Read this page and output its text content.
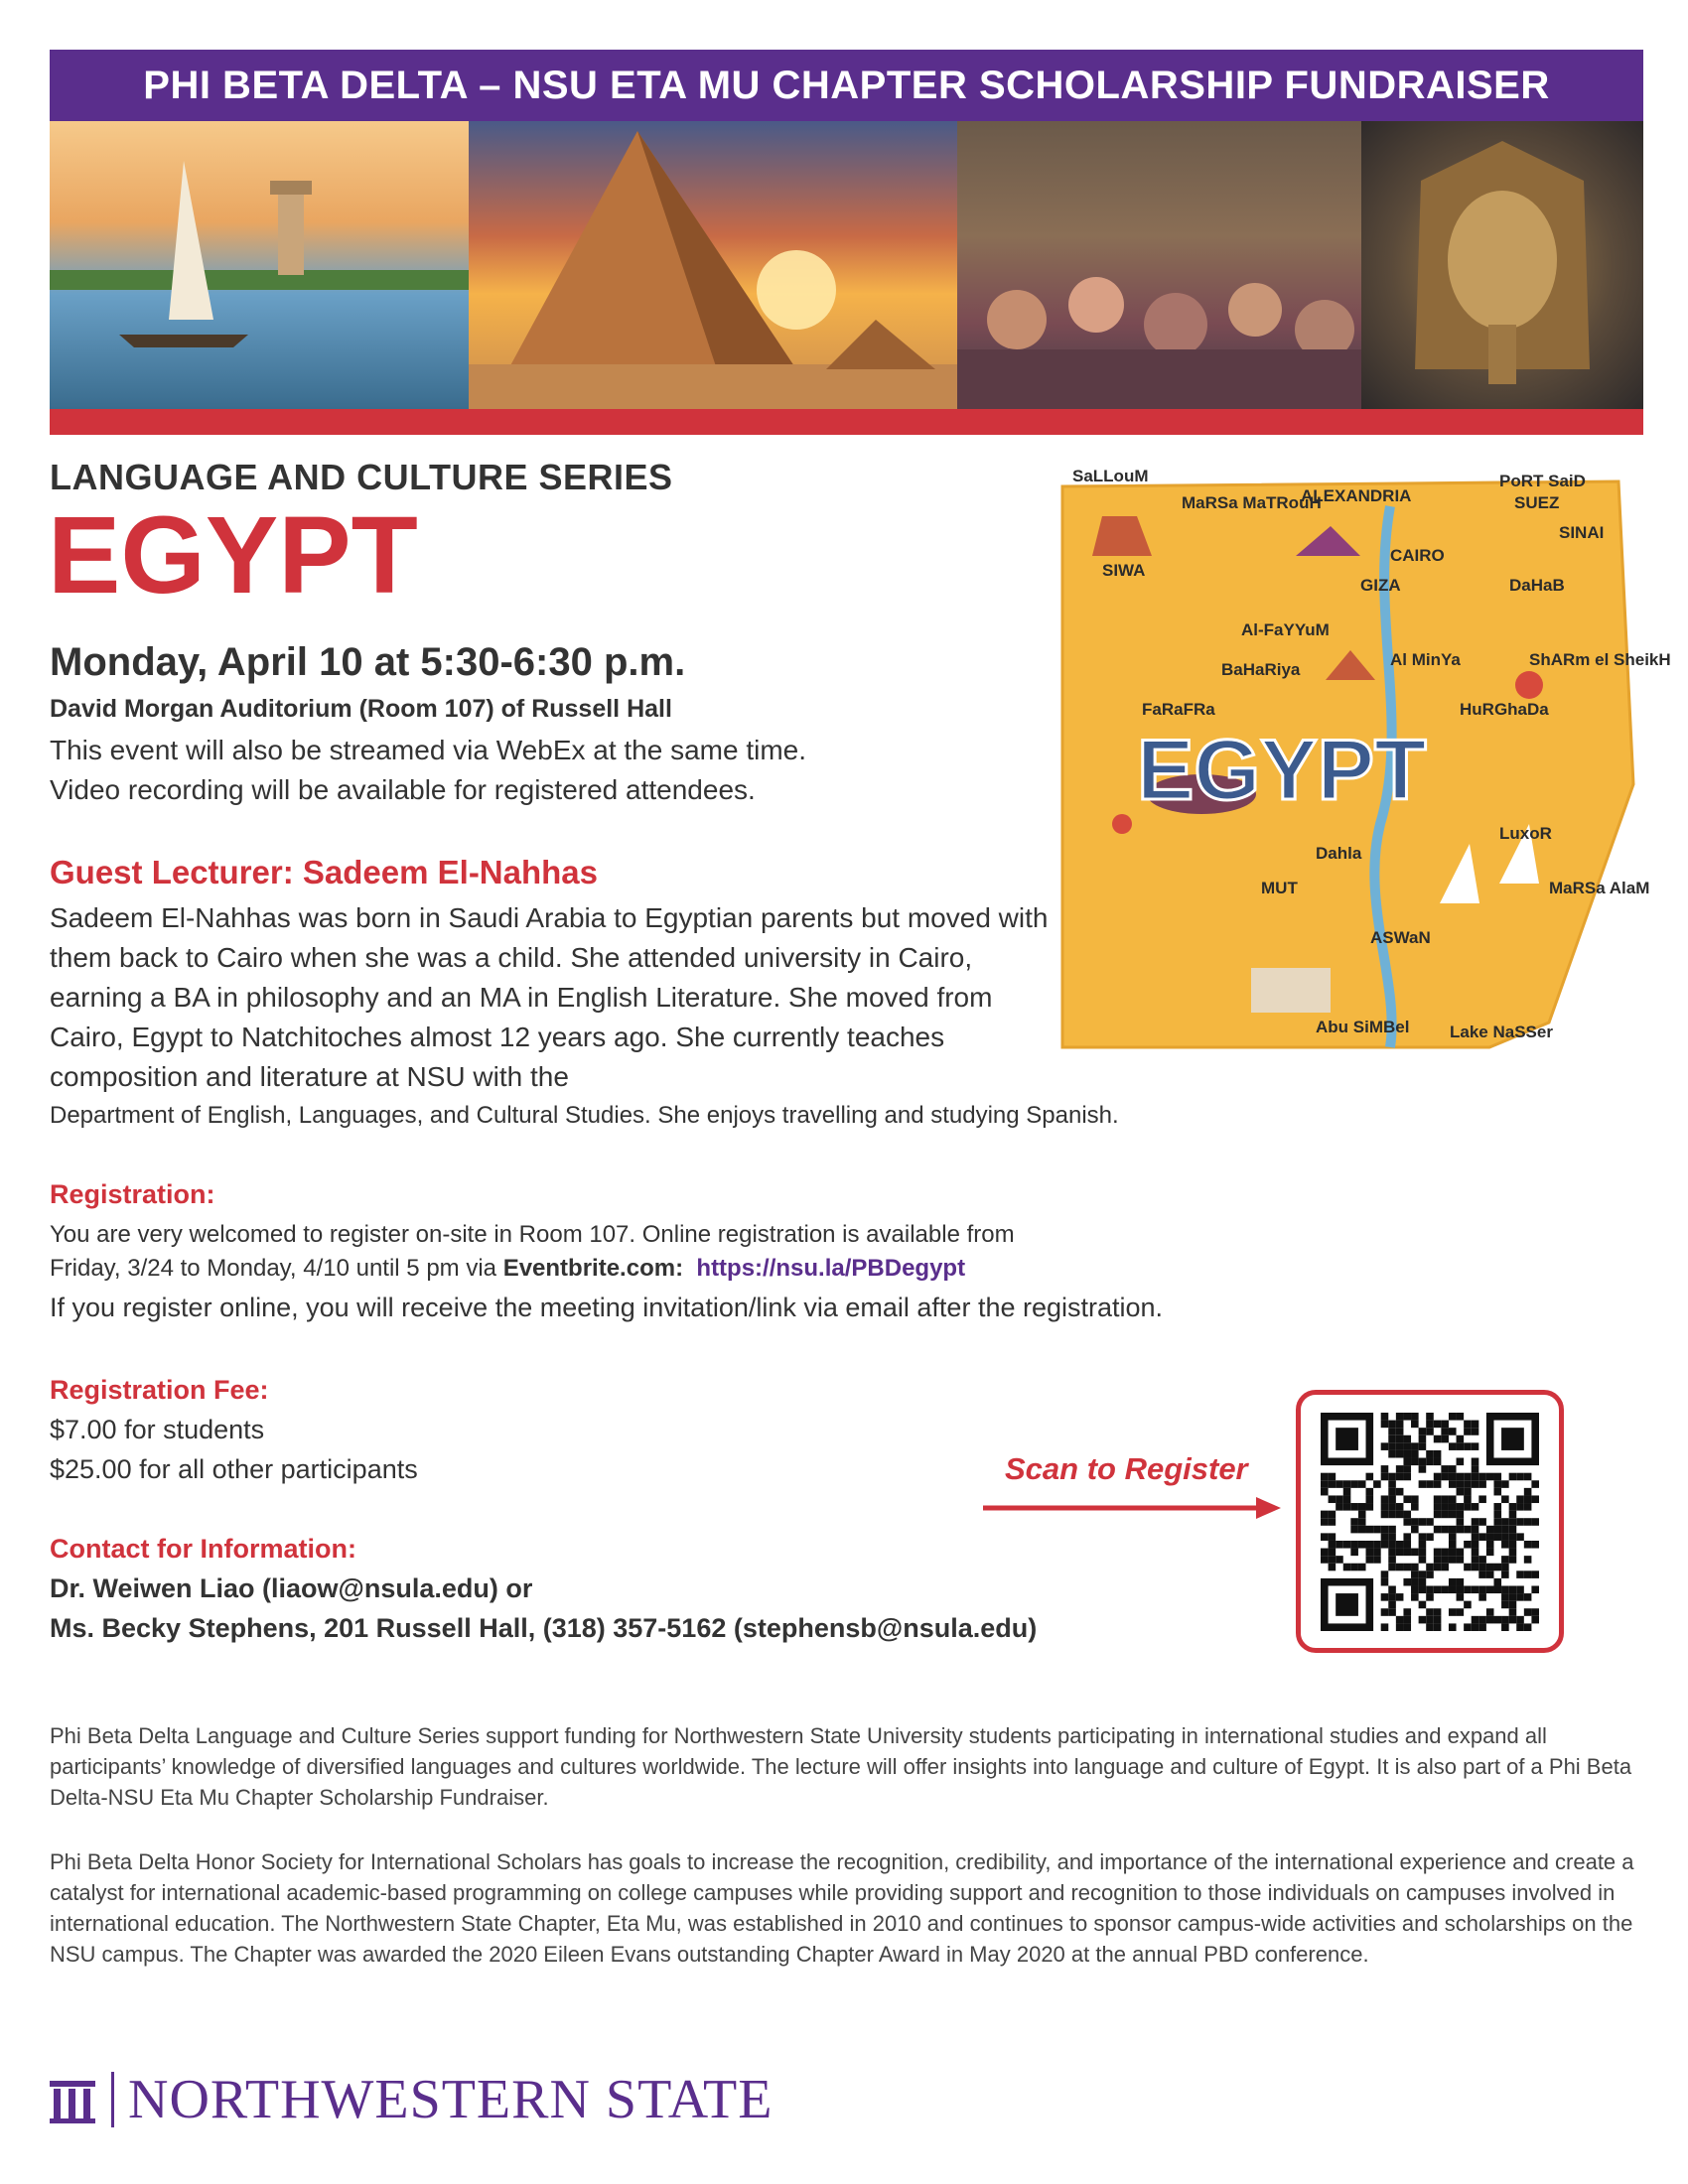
PHI BETA DELTA – NSU ETA MU CHAPTER SCHOLARSHIP FUNDRAISER
LANGUAGE AND CULTURE SERIES
EGYPT
Monday, April 10 at 5:30-6:30 p.m.
David Morgan Auditorium (Room 107) of Russell Hall
This event will also be streamed via WebEx at the same time.
Video recording will be available for registered attendees.
Guest Lecturer: Sadeem El-Nahhas
Sadeem El-Nahhas was born in Saudi Arabia to Egyptian parents but moved with them back to Cairo when she was a child. She attended university in Cairo, earning a BA in philosophy and an MA in English Literature. She moved from Cairo, Egypt to Natchitoches almost 12 years ago. She currently teaches composition and literature at NSU with the
Department of English, Languages, and Cultural Studies. She enjoys travelling and studying Spanish.
EGYPT
SaLLouM MaRSa MaTRouH ALEXANDRIA PoRT SaiD SUEZ SINAI SIWA CAIRO GIZA	DaHaB Al-FaYYuM ShARm el SheikH BaHaRiya Al MinYa HuRGhaDa FaRaFRa LuxoR Dahla MUT	MaRSa AlaM ASWaN Abu SiMBel Lake NaSSer
Registration:
You are very welcomed to register on-site in Room 107. Online registration is available from
Friday, 3/24 to Monday, 4/10 until 5 pm via Eventbrite.com: https://nsu.la/PBDegypt
If you register online, you will receive the meeting invitation/link via email after the registration.
Registration Fee:
$7.00 for students
$25.00 for all other participants
Contact for Information:
Dr. Weiwen Liao (liaow@nsula.edu) or
Ms. Becky Stephens, 201 Russell Hall, (318) 357-5162 (stephensb@nsula.edu)
Scan to Register
Phi Beta Delta Language and Culture Series support funding for Northwestern State University students participating in international studies and expand all participants’ knowledge of diversified languages and cultures worldwide. The lecture will offer insights into language and culture of Egypt. It is also part of a Phi Beta Delta-NSU Eta Mu Chapter Scholarship Fundraiser.
Phi Beta Delta Honor Society for International Scholars has goals to increase the recognition, credibility, and importance of the international experience and create a catalyst for international academic-based programming on college campuses while providing support and recognition to those individuals on campuses involved in international education. The Northwestern State Chapter, Eta Mu, was established in 2010 and continues to sponsor campus-wide activities and scholarships on the NSU campus. The Chapter was awarded the 2020 Eileen Evans outstanding Chapter Award in May 2020 at the annual PBD conference.
NORTHWESTERN STATE
